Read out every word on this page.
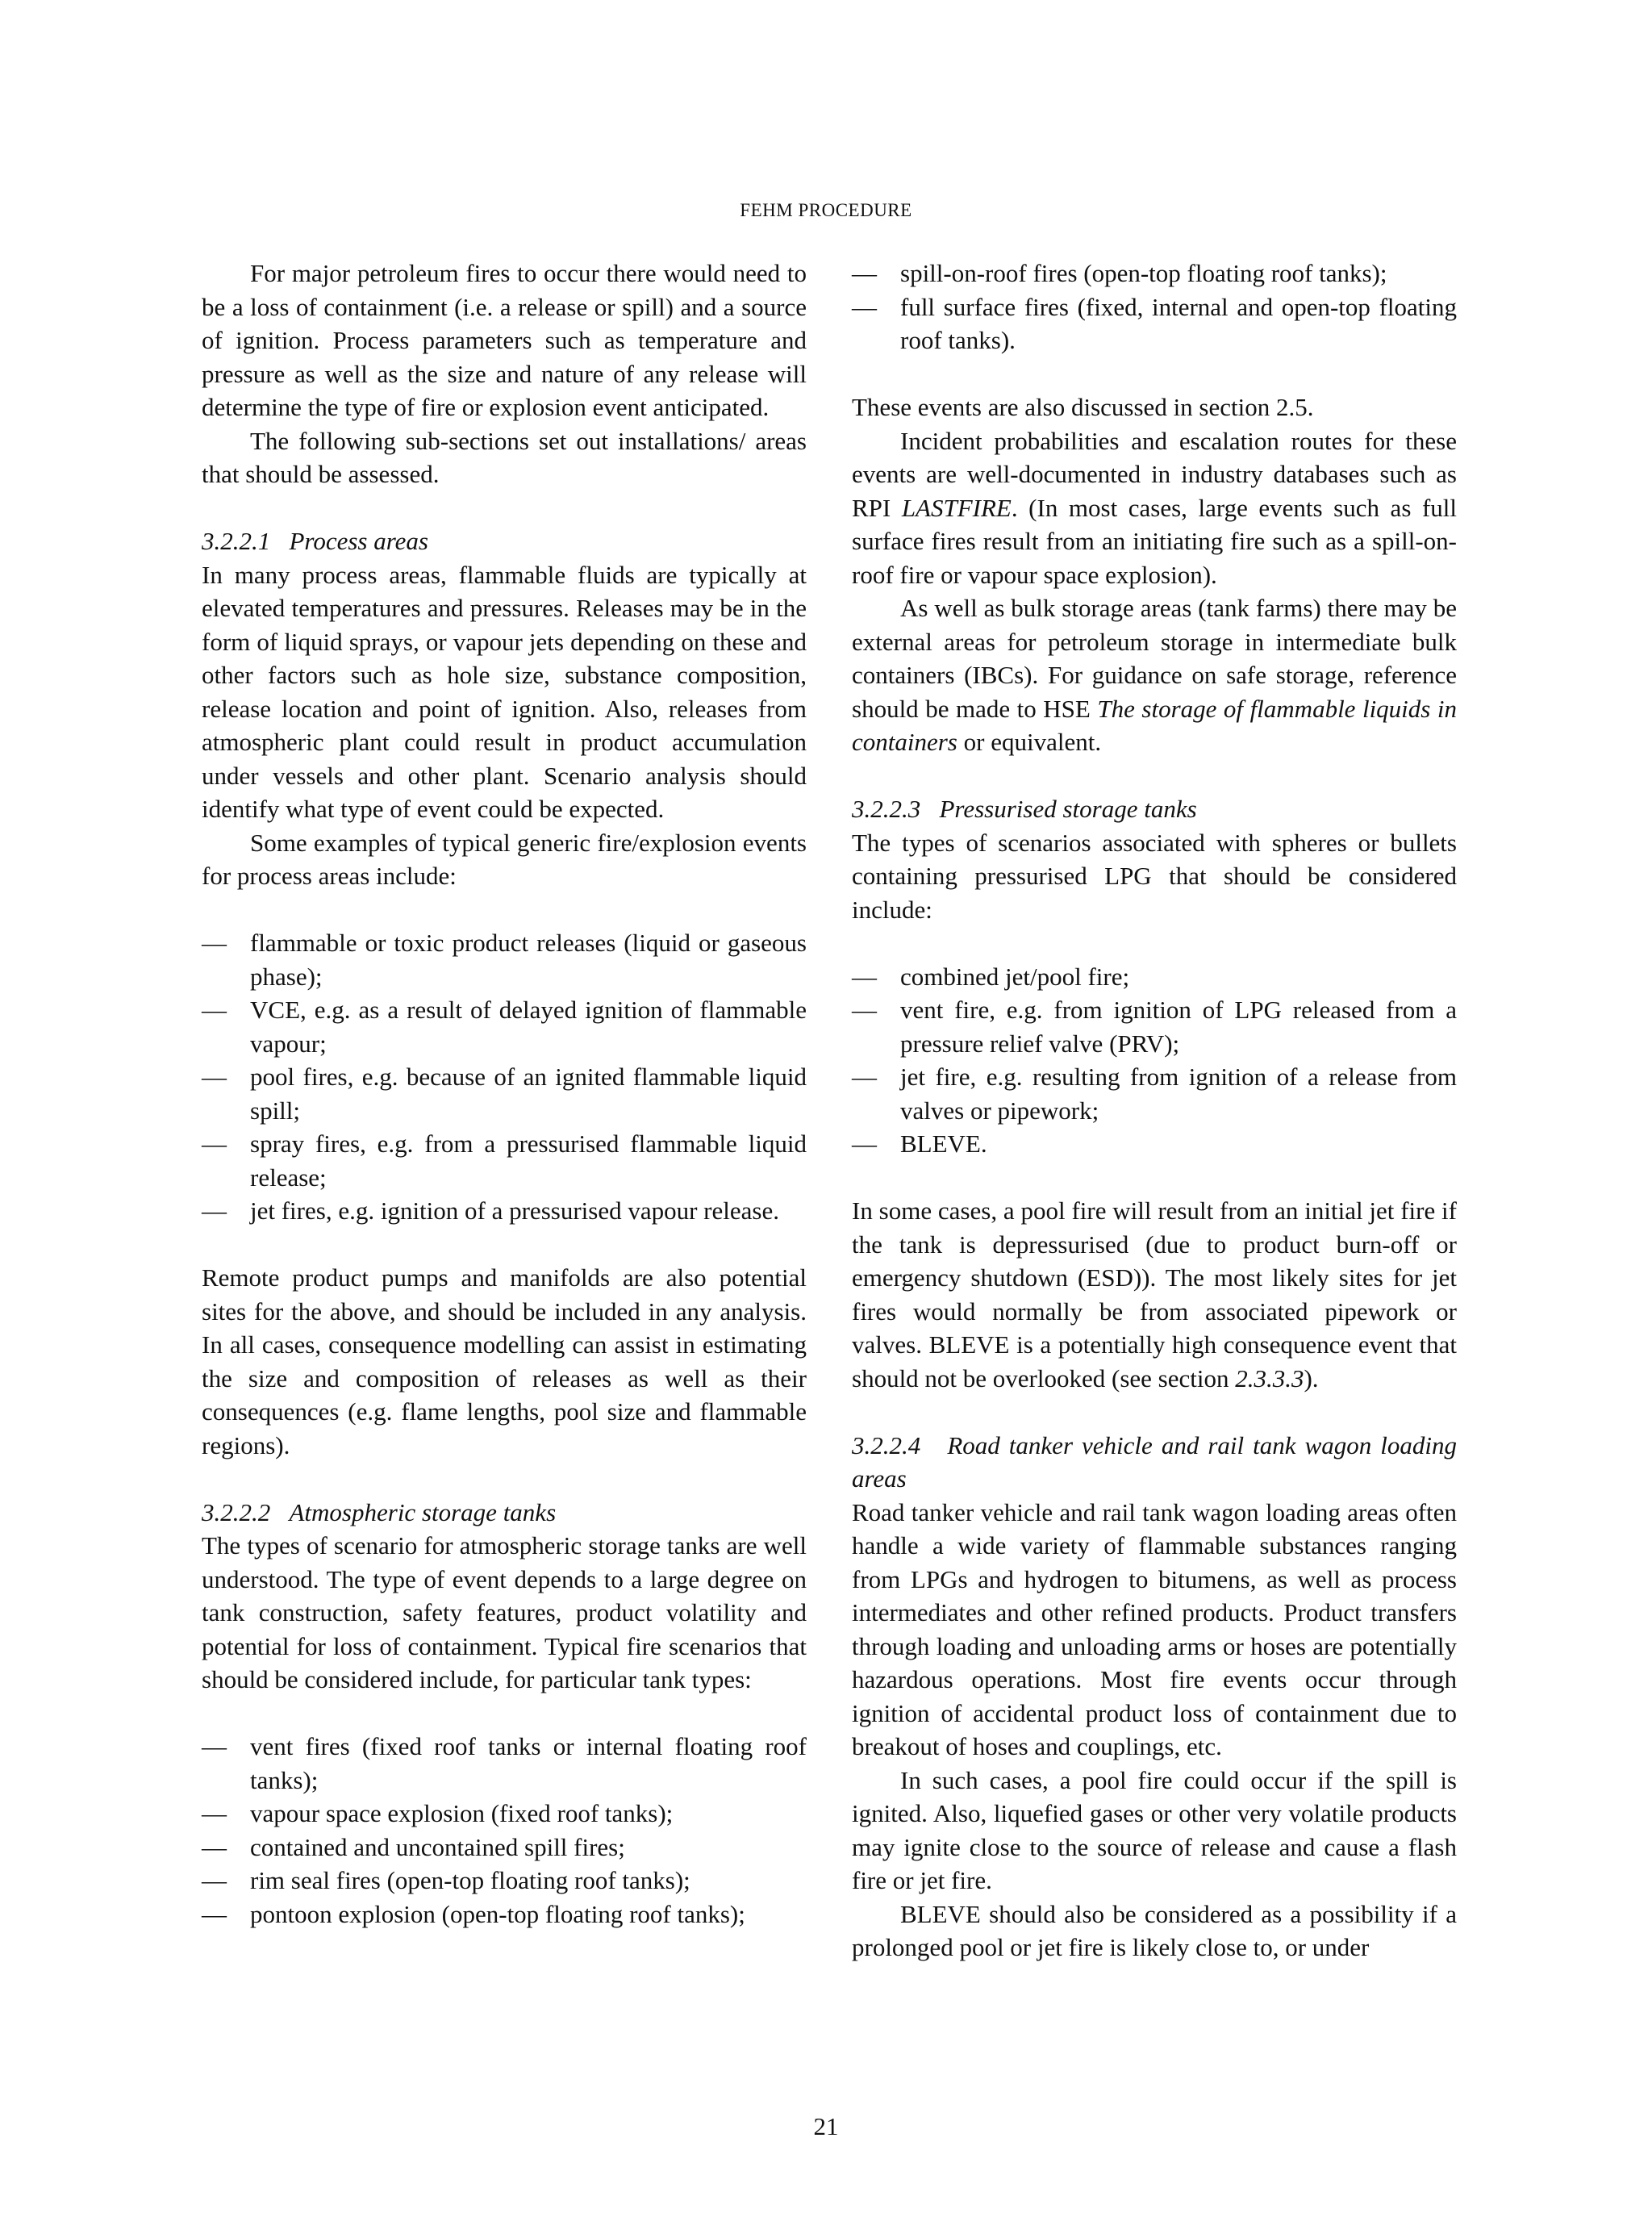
FEHM PROCEDURE

For major petroleum fires to occur there would need to be a loss of containment (i.e. a release or spill) and a source of ignition. Process parameters such as temperature and pressure as well as the size and nature of any release will determine the type of fire or explosion event anticipated.

The following sub-sections set out installations/ areas that should be assessed.

3.2.2.1 Process areas

In many process areas, flammable fluids are typically at elevated temperatures and pressures. Releases may be in the form of liquid sprays, or vapour jets depending on these and other factors such as hole size, substance composition, release location and point of ignition. Also, releases from atmospheric plant could result in product accumulation under vessels and other plant. Scenario analysis should identify what type of event could be expected.

Some examples of typical generic fire/explosion events for process areas include:

— flammable or toxic product releases (liquid or gaseous phase);
— VCE, e.g. as a result of delayed ignition of flammable vapour;
— pool fires, e.g. because of an ignited flammable liquid spill;
— spray fires, e.g. from a pressurised flammable liquid release;
— jet fires, e.g. ignition of a pressurised vapour release.

Remote product pumps and manifolds are also potential sites for the above, and should be included in any analysis. In all cases, consequence modelling can assist in estimating the size and composition of releases as well as their consequences (e.g. flame lengths, pool size and flammable regions).

3.2.2.2 Atmospheric storage tanks

The types of scenario for atmospheric storage tanks are well understood. The type of event depends to a large degree on tank construction, safety features, product volatility and potential for loss of containment. Typical fire scenarios that should be considered include, for particular tank types:

— vent fires (fixed roof tanks or internal floating roof tanks);
— vapour space explosion (fixed roof tanks);
— contained and uncontained spill fires;
— rim seal fires (open-top floating roof tanks);
— pontoon explosion (open-top floating roof tanks);
— spill-on-roof fires (open-top floating roof tanks);
— full surface fires (fixed, internal and open-top floating roof tanks).

These events are also discussed in section 2.5.

Incident probabilities and escalation routes for these events are well-documented in industry databases such as RPI LASTFIRE. (In most cases, large events such as full surface fires result from an initiating fire such as a spill-on-roof fire or vapour space explosion).

As well as bulk storage areas (tank farms) there may be external areas for petroleum storage in intermediate bulk containers (IBCs). For guidance on safe storage, reference should be made to HSE The storage of flammable liquids in containers or equivalent.

3.2.2.3 Pressurised storage tanks

The types of scenarios associated with spheres or bullets containing pressurised LPG that should be considered include:

— combined jet/pool fire;
— vent fire, e.g. from ignition of LPG released from a pressure relief valve (PRV);
— jet fire, e.g. resulting from ignition of a release from valves or pipework;
— BLEVE.

In some cases, a pool fire will result from an initial jet fire if the tank is depressurised (due to product burn-off or emergency shutdown (ESD)). The most likely sites for jet fires would normally be from associated pipework or valves. BLEVE is a potentially high consequence event that should not be overlooked (see section 2.3.3.3).

3.2.2.4 Road tanker vehicle and rail tank wagon loading areas

Road tanker vehicle and rail tank wagon loading areas often handle a wide variety of flammable substances ranging from LPGs and hydrogen to bitumens, as well as process intermediates and other refined products. Product transfers through loading and unloading arms or hoses are potentially hazardous operations. Most fire events occur through ignition of accidental product loss of containment due to breakout of hoses and couplings, etc.

In such cases, a pool fire could occur if the spill is ignited. Also, liquefied gases or other very volatile products may ignite close to the source of release and cause a flash fire or jet fire.

BLEVE should also be considered as a possibility if a prolonged pool or jet fire is likely close to, or under

21
